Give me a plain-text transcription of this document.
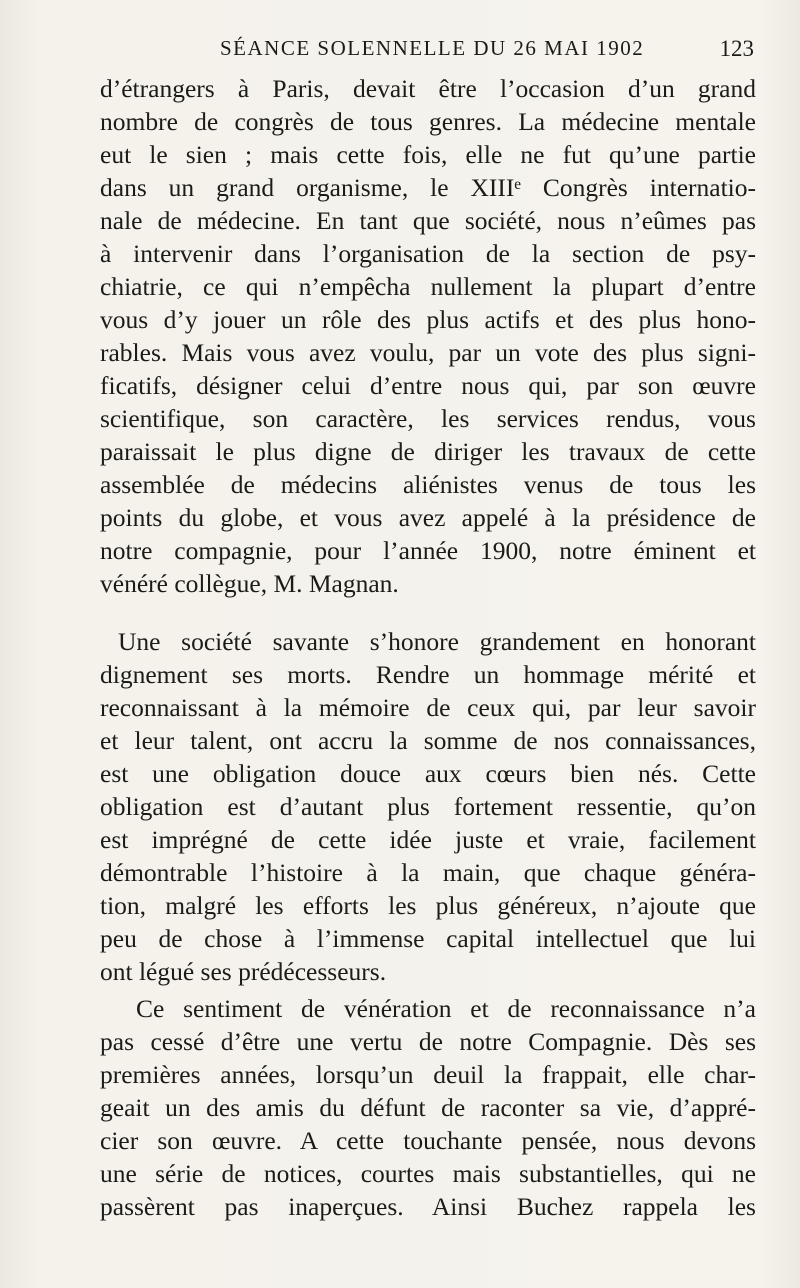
SÉANCE SOLENNELLE DU 26 MAI 1902	123
d’étrangers à Paris, devait être l’occasion d’un grand
nombre de congrès de tous genres. La médecine mentale
eut le sien ; mais cette fois, elle ne fut qu’une partie
dans un grand organisme, le XIIIᵉ Congrès internatio-
nale de médecine. En tant que société, nous n’eûmes pas
à intervenir dans l’organisation de la section de psy-
chiatrie, ce qui n’empêcha nullement la plupart d’entre
vous d’y jouer un rôle des plus actifs et des plus hono-
rables. Mais vous avez voulu, par un vote des plus signi-
ficatifs, désigner celui d’entre nous qui, par son œuvre
scientifique, son caractère, les services rendus, vous
paraissait le plus digne de diriger les travaux de cette
assemblée de médecins aliénistes venus de tous les
points du globe, et vous avez appelé à la présidence de
notre compagnie, pour l’année 1900, notre éminent et
vénéré collègue, M. Magnan.
Une société savante s’honore grandement en honorant
dignement ses morts. Rendre un hommage mérité et
reconnaissant à la mémoire de ceux qui, par leur savoir
et leur talent, ont accru la somme de nos connaissances,
est une obligation douce aux cœurs bien nés. Cette
obligation est d’autant plus fortement ressentie, qu’on
est imprégné de cette idée juste et vraie, facilement
démontrable l’histoire à la main, que chaque généra-
tion, malgré les efforts les plus généreux, n’ajoute que
peu de chose à l’immense capital intellectuel que lui
ont légué ses prédécesseurs.
Ce sentiment de vénération et de reconnaissance n’a
pas cessé d’être une vertu de notre Compagnie. Dès ses
premières années, lorsqu’un deuil la frappait, elle char-
geait un des amis du défunt de raconter sa vie, d’appré-
cier son œuvre. A cette touchante pensée, nous devons
une série de notices, courtes mais substantielles, qui ne
passèrent pas inaperçues. Ainsi Buchez rappela les
